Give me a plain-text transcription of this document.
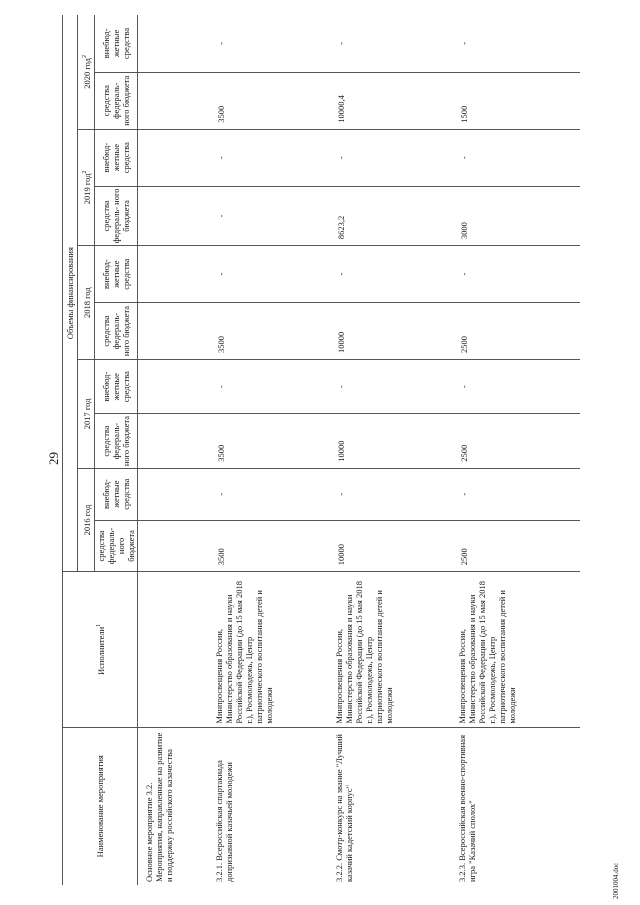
29
2001004.doc
Наименование мероприятия	Исполнители$^1$	Объемы финансирования									
		2016 год		2017 год		2018 год		2019 год$^2$		2020 год$^2$
		средства федераль- ного бюджета	внебюд- жетные средства	средства федераль- ного бюджета	внебюд- жетные средства	средства федераль- ного бюджета	внебюд- жетные средства	средства федераль- ного бюджета	внебюд- жетные средства	средства федераль- ного бюджета	внебюд- жетные средства
Основное мероприятие 3.2. Мероприятия, направленные на развитие и поддержку российского казачества											
3.2.1. Всероссийская спартакиада допризывной казачьей молодежи	Минпросвещения России, Министерство образования и науки Российской Федерации (до 15 мая 2018 г.), Росмолодежь, Центр патриотического воспитания детей и молодежи	3500	-	3500	-	3500	-	-	-	3500	-
3.2.2. Смотр-конкурс на звание "Лучший казачий кадетский корпус"	Минпросвещения России, Министерство образования и науки Российской Федерации (до 15 мая 2018 г.), Росмолодежь, Центр патриотического воспитания детей и молодежи	10000	-	10000	-	10000	-	8623,2	-	10000,4	-
3.2.3. Всероссийская военно-спортивная игра "Казачий сполох"	Минпросвещения России, Министерство образования и науки Российской Федерации (до 15 мая 2018 г.), Росмолодежь, Центр патриотического воспитания детей и молодежи	2500	-	2500	-	2500	-	3000	-	1500	-
